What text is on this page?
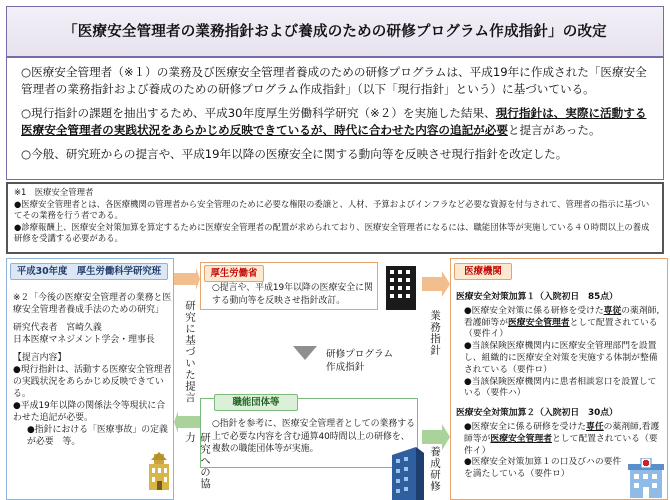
「医療安全管理者の業務指針および養成のための研修プログラム作成指針」の改定

○医療安全管理者（※１）の業務及び医療安全管理者養成のための研修プログラムは、平成19年に作成された「医療安全管理者の業務指針および養成のための研修プログラム作成指針」（以下「現行指針」という）に基づいている。

○現行指針の課題を抽出するため、平成30年度厚生労働科学研究（※２）を実施した結果、現行指針は、実際に活動する医療安全管理者の実践状況をあらかじめ反映できているが、時代に合わせた内容の追記が必要と提言があった。

○今般、研究班からの提言や、平成19年以降の医療安全に関する動向等を反映させ現行指針を改定した。

※1　医療安全管理者
●医療安全管理者とは、各医療機関の管理者から安全管理のために必要な権限の委譲と、人材、予算およびインフラなど必要な資源を付与されて、管理者の指示に基づいてその業務を行う者である。
●診療報酬上、医療安全対策加算を算定するために医療安全管理者の配置が求められており、医療安全管理者になるには、職能団体等が実施している４０時間以上の養成研修を受講する必要がある。
平成30年度　厚生労働科学研究班
※２「今後の医療安全管理者の業務と医療安全管理者養成手法のための研究」
研究代表者　宮崎久義
日本医療マネジメント学会・理事長
【提言内容】
●現行指針は、活動する医療安全管理者の実践状況をあらかじめ反映できている。
●平成19年以降の関係法令等現状に合わせた追記が必要。
●指針における「医療事故」の定義が必要　等。
厚生労働省
○提言や、平成19年以降の医療安全に関する動向等を反映させ指針改訂。
職能団体等
○指針を参考に、医療安全管理者としての業務する上で必要な内容を含む通算40時間以上の研修を、複数の職能団体等が実施。
研修プログラム
作成指針
研究に基づいた提言
研究への協力
業務指針
養成研修
医療機関
医療安全対策加算１（入院初日　85点）
●医療安全対策に係る研修を受けた専従の薬剤師,看護師等が医療安全管理者として配置されている（要件イ）
●当該保険医療機関内に医療安全管理部門を設置し、組織的に医療安全対策を実施する体制が整備されている（要件ロ）
●当該保険医療機関内に患者相談窓口を設置している（要件ハ）
医療安全対策加算２（入院初日　30点）
●医療安全に係る研修を受けた専任の薬剤師,看護師等が医療安全管理者として配置されている（要件イ）
●医療安全対策加算１の口及びハの要件を満たしている（要件ロ）
